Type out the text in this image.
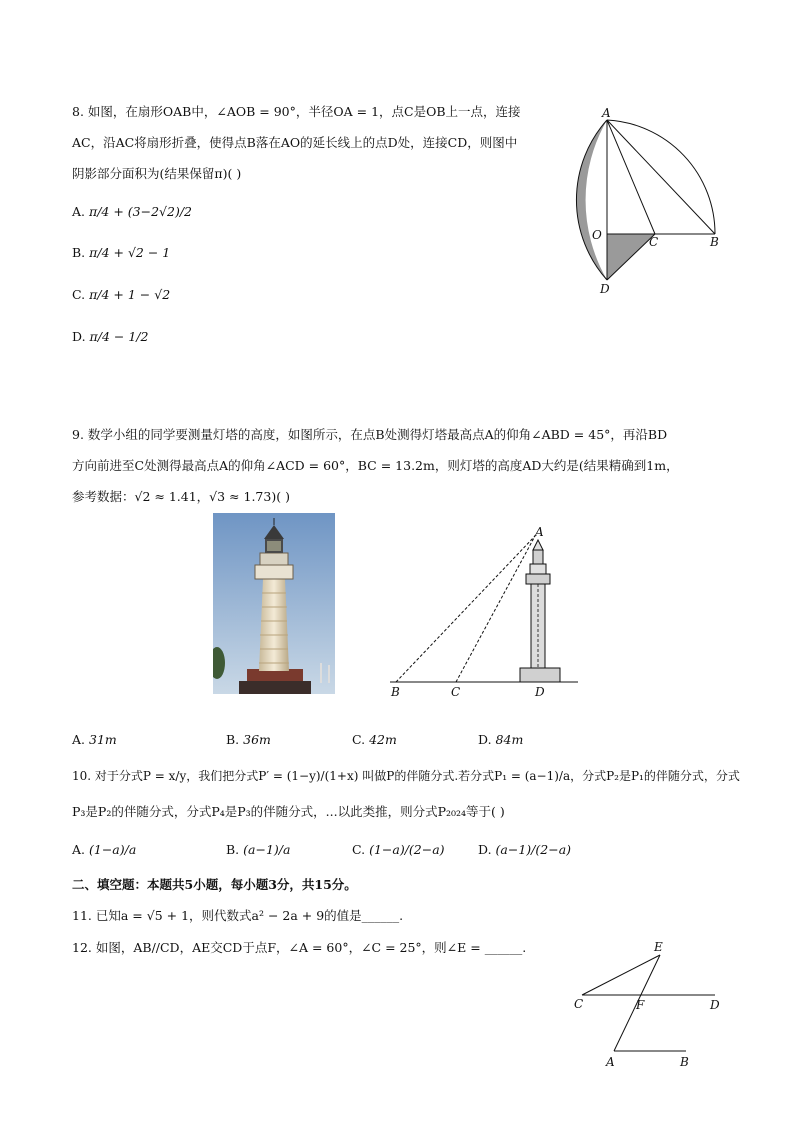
8. 如图，在扇形OAB中，∠AOB = 90°，半径OA = 1，点C是OB上一点，连接
AC，沿AC将扇形折叠，使得点B落在AO的延长线上的点D处，连接CD，则图中
阴影部分面积为(结果保留π)( )
A. π/4 + (3−2√2)/2
B. π/4 + √2 − 1
C. π/4 + 1 − √2
D. π/4 − 1/2
A
O	C	B
D
9. 数学小组的同学要测量灯塔的高度，如图所示，在点B处测得灯塔最高点A的仰角∠ABD = 45°，再沿BD
方向前进至C处测得最高点A的仰角∠ACD = 60°，BC = 13.2m，则灯塔的高度AD大约是(结果精确到1m，
参考数据：√2 ≈ 1.41，√3 ≈ 1.73)( )
A
B	C	D
A. 31m	B. 36m	C. 42m	D. 84m
10. 对于分式P = x/y，我们把分式P′ = (1−y)/(1+x) 叫做P的伴随分式.若分式P₁ = (a−1)/a，分式P₂是P₁的伴随分式，分式
P₃是P₂的伴随分式，分式P₄是P₃的伴随分式，...以此类推，则分式P₂₀₂₄等于( )
A. (1−a)/a	B. (a−1)/a	C. (1−a)/(2−a)	D. (a−1)/(2−a)
二、填空题：本题共5小题，每小题3分，共15分。
11. 已知a = √5 + 1，则代数式a² − 2a + 9的值是______.
12. 如图，AB//CD，AE交CD于点F，∠A = 60°，∠C = 25°，则∠E = ______.	E
C	F	D
A	B
